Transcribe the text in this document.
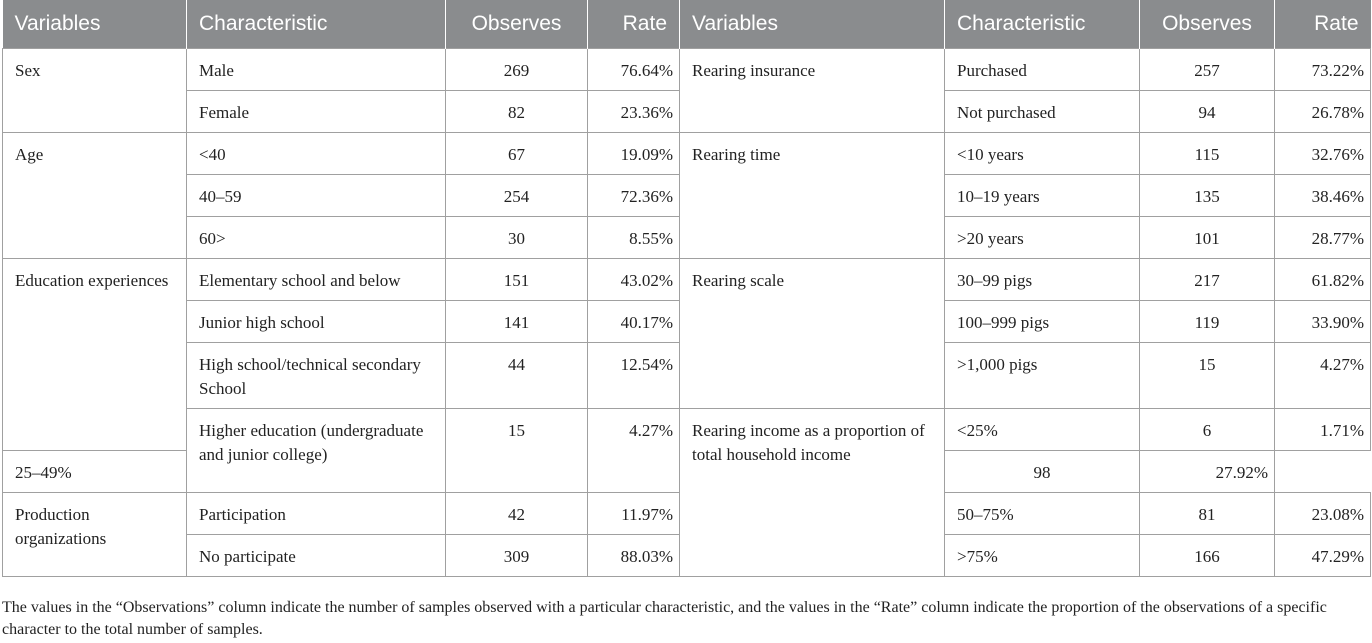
Variables	Characteristic	Observes	Rate	Variables	Characteristic	Observes	Rate
Sex	Male	269	76.64%	Rearing insurance	Purchased	257	73.22%
	Female	82	23.36%		Not purchased	94	26.78%
Age	<40	67	19.09%	Rearing time	<10 years	115	32.76%
	40–59	254	72.36%		10–19 years	135	38.46%
	60>	30	8.55%		>20 years	101	28.77%
Education experiences	Elementary school and below	151	43.02%	Rearing scale	30–99 pigs	217	61.82%
	Junior high school	141	40.17%		100–999 pigs	119	33.90%
	High school/technical secondary School	44	12.54%		>1,000 pigs	15	4.27%
	Higher education (undergraduate and junior college)	15	4.27%	Rearing income as a proportion of total household income	<25%	6	1.71%
25–49%					98	27.92%	
Production organizations	Participation	42	11.97%		50–75%	81	23.08%
	No participate	309	88.03%		>75%	166	47.29%
The values in the “Observations” column indicate the number of samples observed with a particular characteristic, and the values in the “Rate” column indicate the proportion of the observations of a specific character to the total number of samples.
